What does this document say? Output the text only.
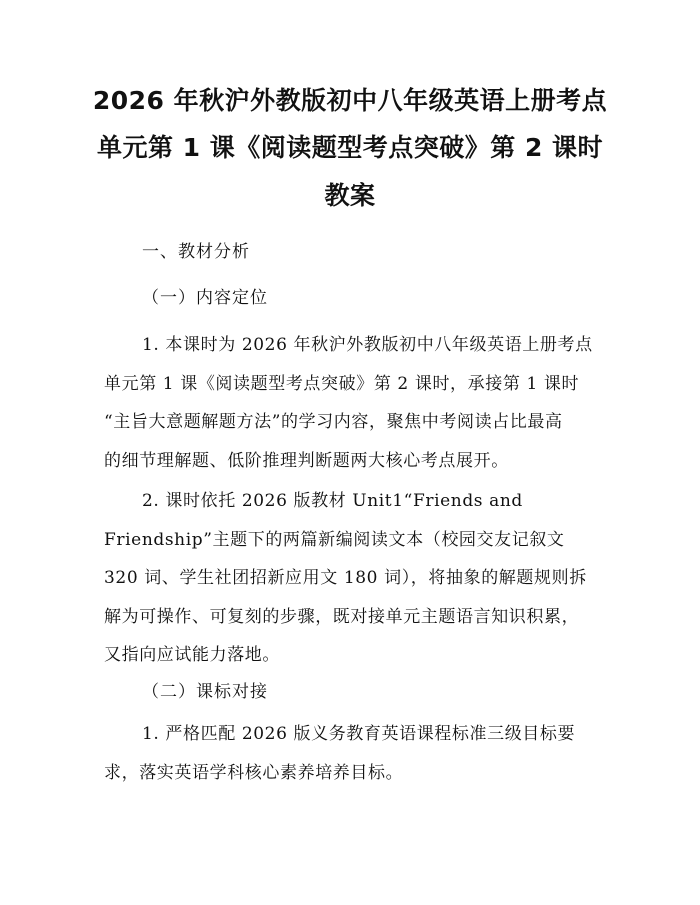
2026 年秋沪外教版初中八年级英语上册考点
单元第 1 课《阅读题型考点突破》第 2 课时
教案
一、教材分析
（一）内容定位
1. 本课时为 2026 年秋沪外教版初中八年级英语上册考点
单元第 1 课《阅读题型考点突破》第 2 课时，承接第 1 课时
“主旨大意题解题方法”的学习内容，聚焦中考阅读占比最高
的细节理解题、低阶推理判断题两大核心考点展开。
2. 课时依托 2026 版教材 Unit1“Friends and
Friendship”主题下的两篇新编阅读文本（校园交友记叙文
320 词、学生社团招新应用文 180 词），将抽象的解题规则拆
解为可操作、可复刻的步骤，既对接单元主题语言知识积累，
又指向应试能力落地。
（二）课标对接
1. 严格匹配 2026 版义务教育英语课程标准三级目标要
求，落实英语学科核心素养培养目标。
